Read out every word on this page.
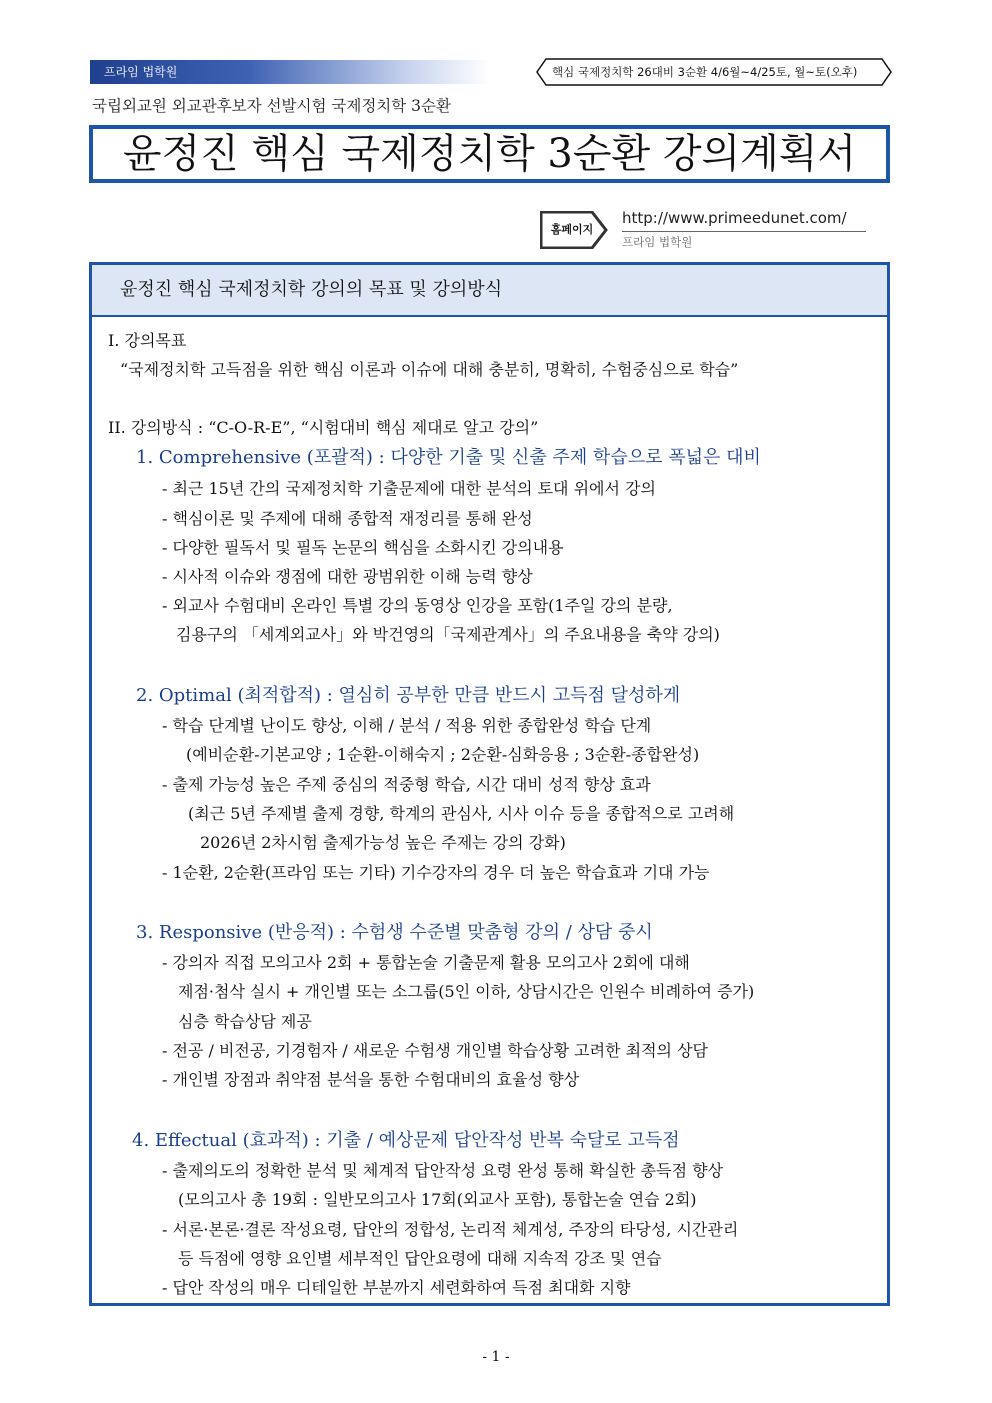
프라임 법학원	핵심 국제정치학 26대비 3순환 4/6월~4/25토, 월~토(오후)
국립외교원 외교관후보자 선발시험 국제정치학 3순환
윤정진 핵심 국제정치학 3순환 강의계획서
홈페이지
http://www.primeedunet.com/
프라임 법학원
윤정진 핵심 국제정치학 강의의 목표 및 강의방식
I. 강의목표
“국제정치학 고득점을 위한 핵심 이론과 이슈에 대해 충분히, 명확히, 수험중심으로 학습”
II. 강의방식 : “C-O-R-E”, “시험대비 핵심 제대로 알고 강의”
1. Comprehensive (포괄적) : 다양한 기출 및 신출 주제 학습으로 폭넓은 대비
- 최근 15년 간의 국제정치학 기출문제에 대한 분석의 토대 위에서 강의
- 핵심이론 및 주제에 대해 종합적 재정리를 통해 완성
- 다양한 필독서 및 필독 논문의 핵심을 소화시킨 강의내용
- 시사적 이슈와 쟁점에 대한 광범위한 이해 능력 향상
- 외교사 수험대비 온라인 특별 강의 동영상 인강을 포함(1주일 강의 분량,
김용구의 「세계외교사」와 박건영의「국제관계사」의 주요내용을 축약 강의)
2. Optimal (최적합적) : 열심히 공부한 만큼 반드시 고득점 달성하게
- 학습 단계별 난이도 향상, 이해 / 분석 / 적용 위한 종합완성 학습 단계
(예비순환-기본교양 ; 1순환-이해숙지 ; 2순환-심화응용 ; 3순환-종합완성)
- 출제 가능성 높은 주제 중심의 적중형 학습, 시간 대비 성적 향상 효과
(최근 5년 주제별 출제 경향, 학계의 관심사, 시사 이슈 등을 종합적으로 고려해
2026년 2차시험 출제가능성 높은 주제는 강의 강화)
- 1순환, 2순환(프라임 또는 기타) 기수강자의 경우 더 높은 학습효과 기대 가능
3. Responsive (반응적) : 수험생 수준별 맞춤형 강의 / 상담 중시
- 강의자 직접 모의고사 2회 + 통합논술 기출문제 활용 모의고사 2회에 대해
제점·첨삭 실시 + 개인별 또는 소그룹(5인 이하, 상담시간은 인원수 비례하여 증가)
심층 학습상담 제공
- 전공 / 비전공, 기경험자 / 새로운 수험생 개인별 학습상황 고려한 최적의 상담
- 개인별 장점과 취약점 분석을 통한 수험대비의 효율성 향상
4. Effectual (효과적) : 기출 / 예상문제 답안작성 반복 숙달로 고득점
- 출제의도의 정확한 분석 및 체계적 답안작성 요령 완성 통해 확실한 총득점 향상
(모의고사 총 19회 : 일반모의고사 17회(외교사 포함), 통합논술 연습 2회)
- 서론·본론·결론 작성요령, 답안의 정합성, 논리적 체계성, 주장의 타당성, 시간관리
등 득점에 영향 요인별 세부적인 답안요령에 대해 지속적 강조 및 연습
- 답안 작성의 매우 디테일한 부분까지 세련화하여 득점 최대화 지향
- 1 -
